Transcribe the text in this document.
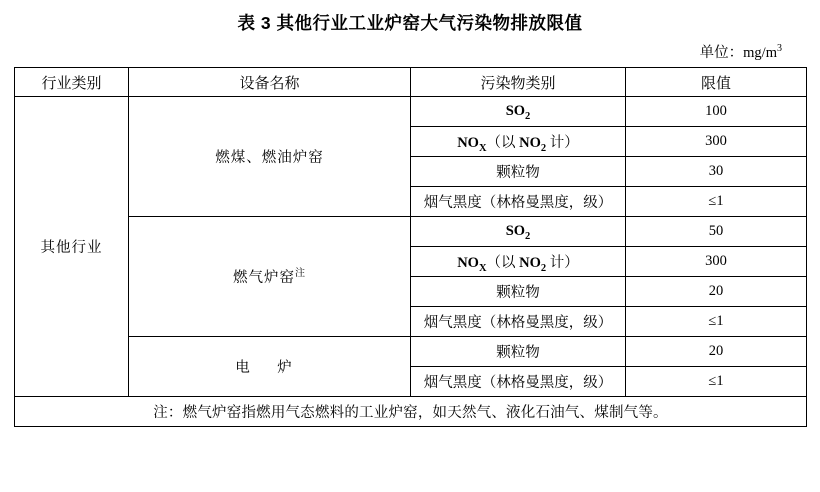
表 3 其他行业工业炉窑大气污染物排放限值
单位：$mg/m^3$
行业类别	设备名称	污染物类别	限值
其他行业	燃煤、燃油炉窑	$SO_2$	100
		$NO_X$（以 $NO_2$ 计）	300
		颗粒物	30
		烟气黑度（林格曼黑度，级）	≤1
	燃气炉窑$^注$	$SO_2$	50
		$NO_X$（以 $NO_2$ 计）	300
		颗粒物	20
		烟气黑度（林格曼黑度，级）	≤1
	电 炉	颗粒物	20
		烟气黑度（林格曼黑度，级）	≤1
注：燃气炉窑指燃用气态燃料的工业炉窑，如天然气、液化石油气、煤制气等。			
